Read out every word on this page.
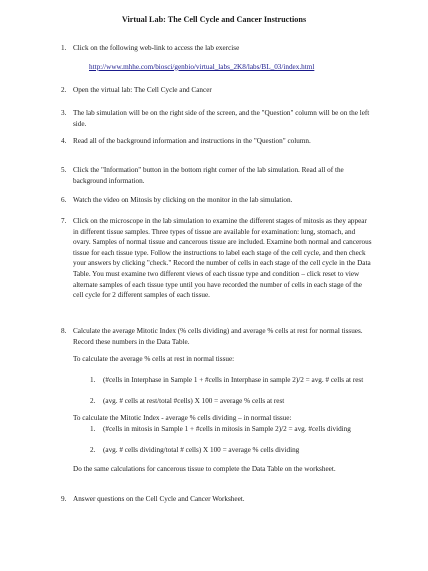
Virtual Lab: The Cell Cycle and Cancer Instructions
1. Click on the following web-link to access the lab exercise
http://www.mhhe.com/biosci/genbio/virtual_labs_2K8/labs/BL_03/index.html
2. Open the virtual lab: The Cell Cycle and Cancer
3. The lab simulation will be on the right side of the screen, and the "Question" column will be on the left side.
4. Read all of the background information and instructions in the "Question" column.
5. Click the "Information" button in the bottom right corner of the lab simulation. Read all of the background information.
6. Watch the video on Mitosis by clicking on the monitor in the lab simulation.
7. Click on the microscope in the lab simulation to examine the different stages of mitosis as they appear in different tissue samples. Three types of tissue are available for examination: lung, stomach, and ovary. Samples of normal tissue and cancerous tissue are included. Examine both normal and cancerous tissue for each tissue type. Follow the instructions to label each stage of the cell cycle, and then check your answers by clicking "check." Record the number of cells in each stage of the cell cycle in the Data Table. You must examine two different views of each tissue type and condition – click reset to view alternate samples of each tissue type until you have recorded the number of cells in each stage of the cell cycle for 2 different samples of each tissue.
8. Calculate the average Mitotic Index (% cells dividing) and average % cells at rest for normal tissues. Record these numbers in the Data Table.
To calculate the average % cells at rest in normal tissue:
1. (#cells in Interphase in Sample 1 + #cells in Interphase in sample 2)/2 = avg. # cells at rest
2. (avg. # cells at rest/total #cells) X 100 = average % cells at rest
To calculate the Mitotic Index - average % cells dividing – in normal tissue:
1. (#cells in mitosis in Sample 1 + #cells in mitosis in Sample 2)/2 = avg. #cells dividing
2. (avg. # cells dividing/total # cells) X 100 = average % cells dividing
Do the same calculations for cancerous tissue to complete the Data Table on the worksheet.
9. Answer questions on the Cell Cycle and Cancer Worksheet.
